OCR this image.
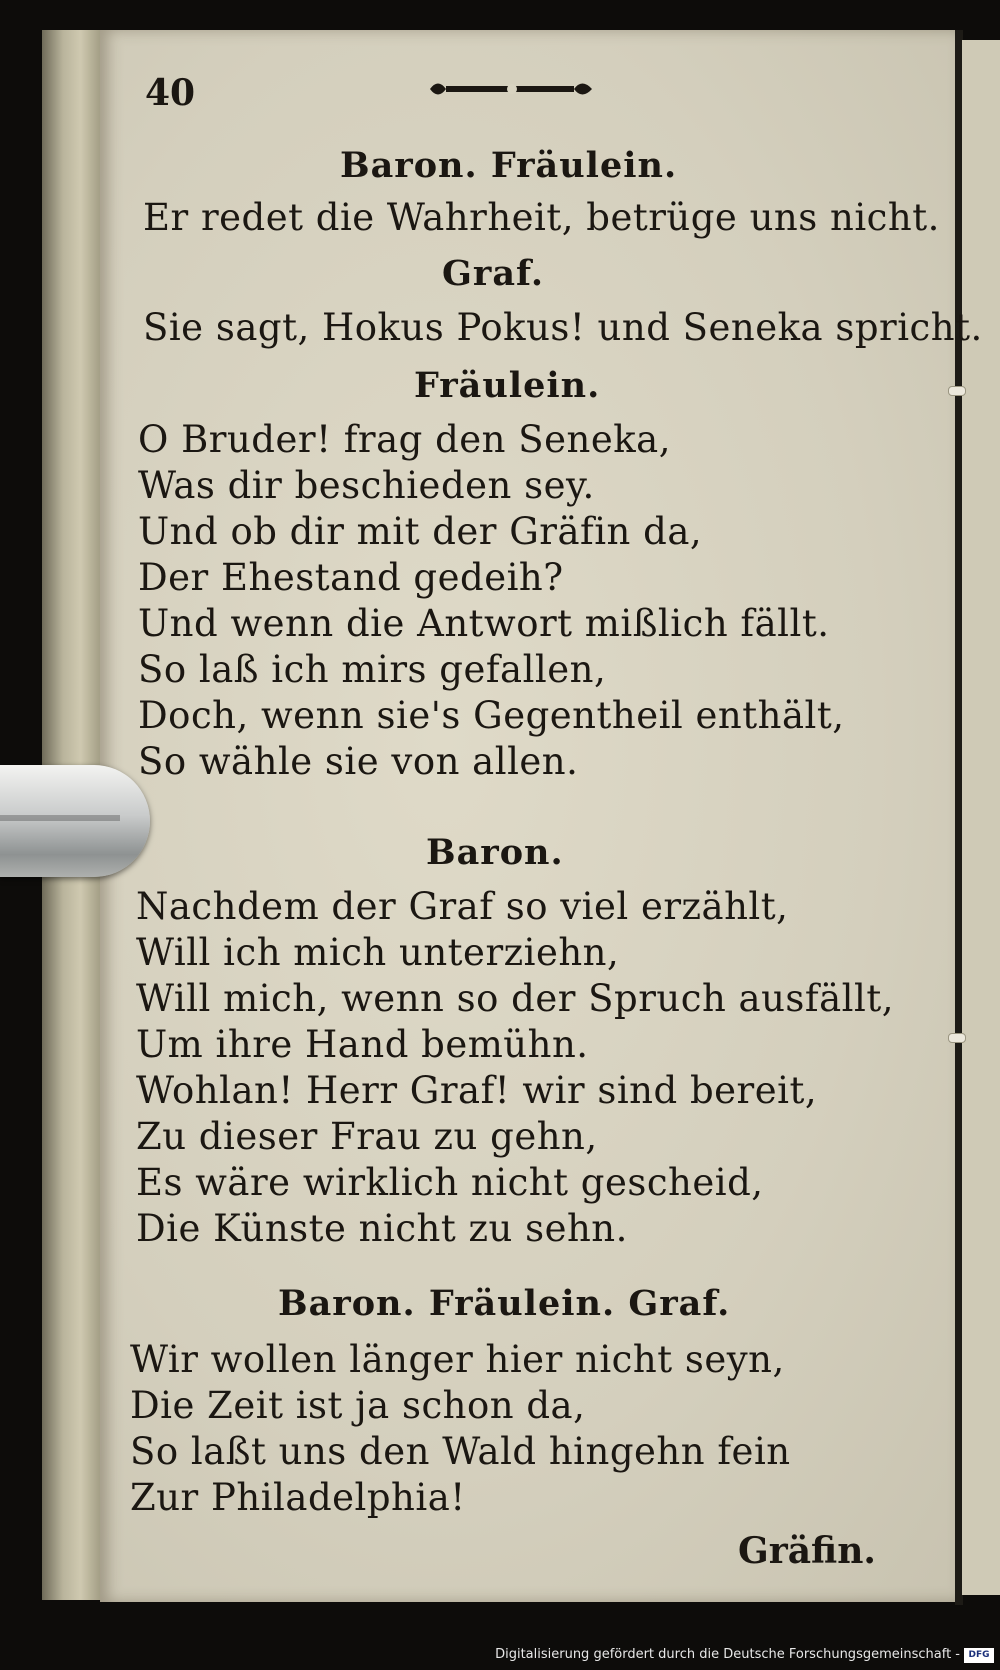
40
Baron. Fräulein.
Er redet die Wahrheit, betrüge uns nicht.
Graf.
Sie sagt, Hokus Pokus! und Seneka spricht.
Fräulein.
O Bruder! frag den Seneka,
Was dir beschieden sey.
Und ob dir mit der Gräfin da,
Der Ehestand gedeih?
Und wenn die Antwort mißlich fällt.
So laß ich mirs gefallen,
Doch, wenn sie's Gegentheil enthält,
So wähle sie von allen.
Baron.
Nachdem der Graf so viel erzählt,
Will ich mich unterziehn,
Will mich, wenn so der Spruch ausfällt,
Um ihre Hand bemühn.
Wohlan! Herr Graf! wir sind bereit,
Zu dieser Frau zu gehn,
Es wäre wirklich nicht gescheid,
Die Künste nicht zu sehn.
Baron. Fräulein. Graf.
Wir wollen länger hier nicht seyn,
Die Zeit ist ja schon da,
So laßt uns den Wald hingehn fein
Zur Philadelphia!
Gräfin.
Digitalisierung gefördert durch die Deutsche Forschungsgemeinschaft - DFG
